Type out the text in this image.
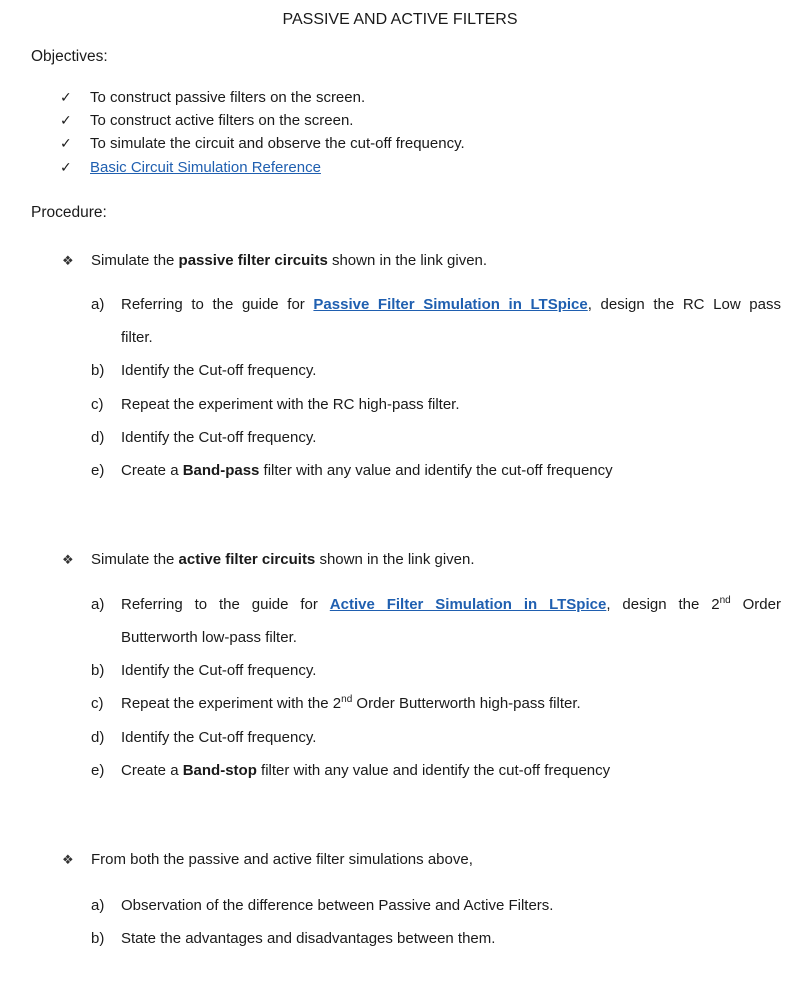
PASSIVE AND ACTIVE FILTERS
Objectives:
✓ To construct passive filters on the screen.
✓ To construct active filters on the screen.
✓ To simulate the circuit and observe the cut-off frequency.
✓ Basic Circuit Simulation Reference
Procedure:
❖ Simulate the passive filter circuits shown in the link given.
a)	Referring to the guide for Passive Filter Simulation in LTSpice, design the RC Low pass
filter.
b)	Identify the Cut-off frequency.
c)	Repeat the experiment with the RC high-pass filter.
d)	Identify the Cut-off frequency.
e)	Create a Band-pass filter with any value and identify the cut-off frequency
❖ Simulate the active filter circuits shown in the link given.
a)	Referring to the guide for Active Filter Simulation in LTSpice, design the 2nd Order
Butterworth low-pass filter.
b)	Identify the Cut-off frequency.
c)	Repeat the experiment with the 2nd Order Butterworth high-pass filter.
d)	Identify the Cut-off frequency.
e)	Create a Band-stop filter with any value and identify the cut-off frequency
❖ From both the passive and active filter simulations above,
a)	Observation of the difference between Passive and Active Filters.
b)	State the advantages and disadvantages between them.
